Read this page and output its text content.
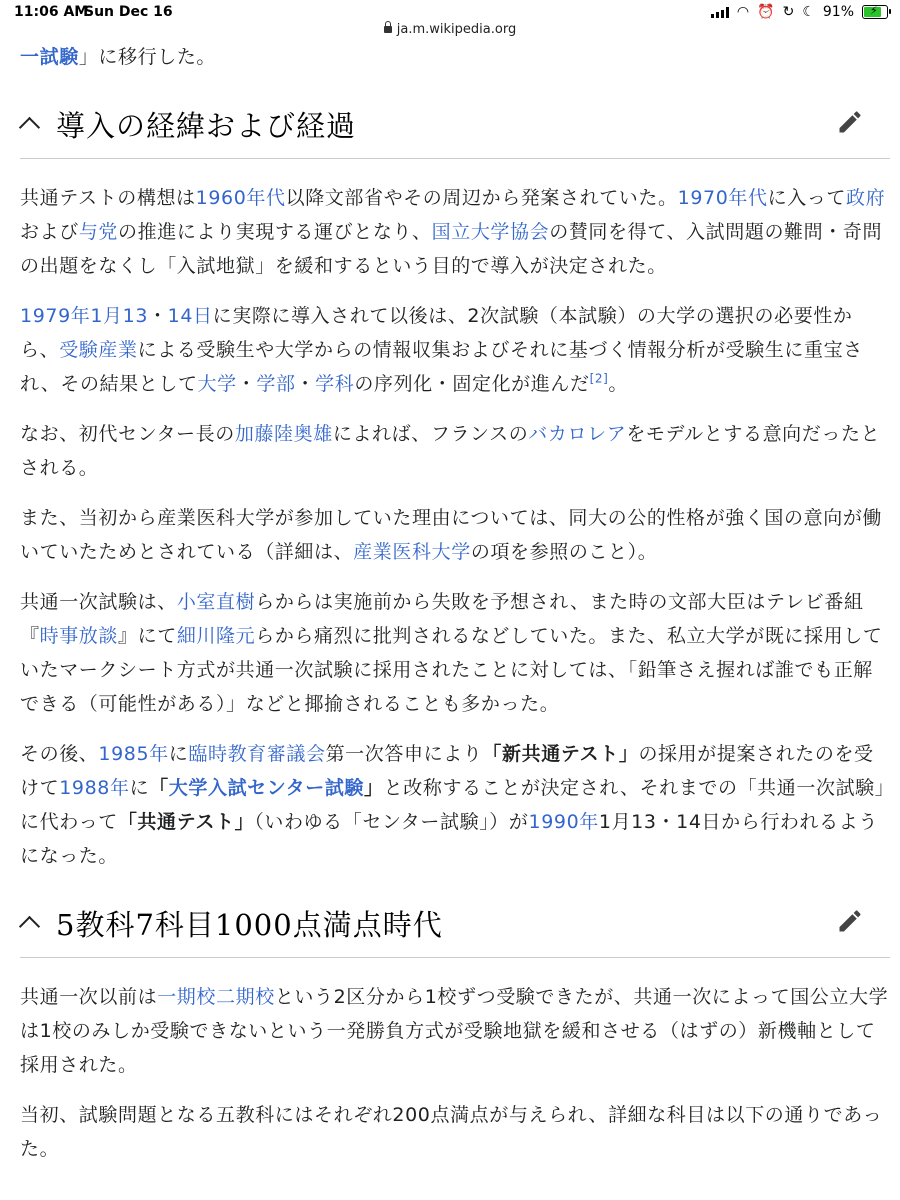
11:06 AM
Sun Dec 16
ja.m.wikipedia.org
◠ ⏰ ↻ ☾ 91% ⚡

一試験」に移行した。

導入の経緯および経過

共通テストの構想は1960年代以降文部省やその周辺から発案されていた。1970年代に入って政府および与党の推進により実現する運びとなり、国立大学協会の賛同を得て、入試問題の難問・奇問の出題をなくし「入試地獄」を緩和するという目的で導入が決定された。

1979年1月13・14日に実際に導入されて以後は、2次試験（本試験）の大学の選択の必要性から、受験産業による受験生や大学からの情報収集およびそれに基づく情報分析が受験生に重宝され、その結果として大学・学部・学科の序列化・固定化が進んだ[2]。

なお、初代センター長の加藤陸奥雄によれば、フランスのバカロレアをモデルとする意向だったとされる。

また、当初から産業医科大学が参加していた理由については、同大の公的性格が強く国の意向が働いていたためとされている（詳細は、産業医科大学の項を参照のこと）。

共通一次試験は、小室直樹らからは実施前から失敗を予想され、また時の文部大臣はテレビ番組『時事放談』にて細川隆元らから痛烈に批判されるなどしていた。また、私立大学が既に採用していたマークシート方式が共通一次試験に採用されたことに対しては、「鉛筆さえ握れば誰でも正解できる（可能性がある）」などと揶揄されることも多かった。

その後、1985年に臨時教育審議会第一次答申により「新共通テスト」の採用が提案されたのを受けて1988年に「大学入試センター試験」と改称することが決定され、それまでの「共通一次試験」に代わって「共通テスト」（いわゆる「センター試験」）が1990年1月13・14日から行われるようになった。

5教科7科目1000点満点時代

共通一次以前は一期校二期校という2区分から1校ずつ受験できたが、共通一次によって国公立大学は1校のみしか受験できないという一発勝負方式が受験地獄を緩和させる（はずの）新機軸として採用された。

当初、試験問題となる五教科にはそれぞれ200点満点が与えられ、詳細な科目は以下の通りであった。
